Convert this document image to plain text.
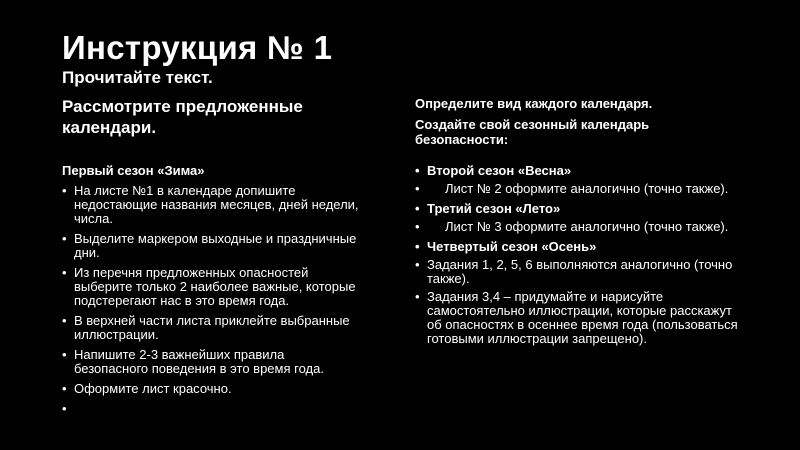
Инструкция № 1
Прочитайте текст.
Рассмотрите предложенные календари.
Определите вид каждого календаря.
Создайте свой сезонный календарь безопасности:
Первый сезон «Зима»
• На листе №1 в календаре допишите недостающие названия месяцев, дней недели, числа.
• Выделите маркером выходные и праздничные дни.
• Из перечня предложенных опасностей выберите только 2 наиболее важные, которые подстерегают нас в это время года.
• В верхней части листа приклейте выбранные иллюстрации.
• Напишите 2-3 важнейших правила безопасного поведения в это время года.
• Оформите лист красочно.
• Второй сезон «Весна»
• Лист № 2 оформите аналогично (точно также).
• Третий сезон «Лето»
• Лист № 3 оформите аналогично (точно также).
• Четвертый сезон «Осень»
• Задания 1, 2, 5, 6 выполняются аналогично (точно также).
• Задания 3,4 – придумайте и нарисуйте самостоятельно иллюстрации, которые расскажут об опасностях в осеннее время года (пользоваться готовыми иллюстрации запрещено).
